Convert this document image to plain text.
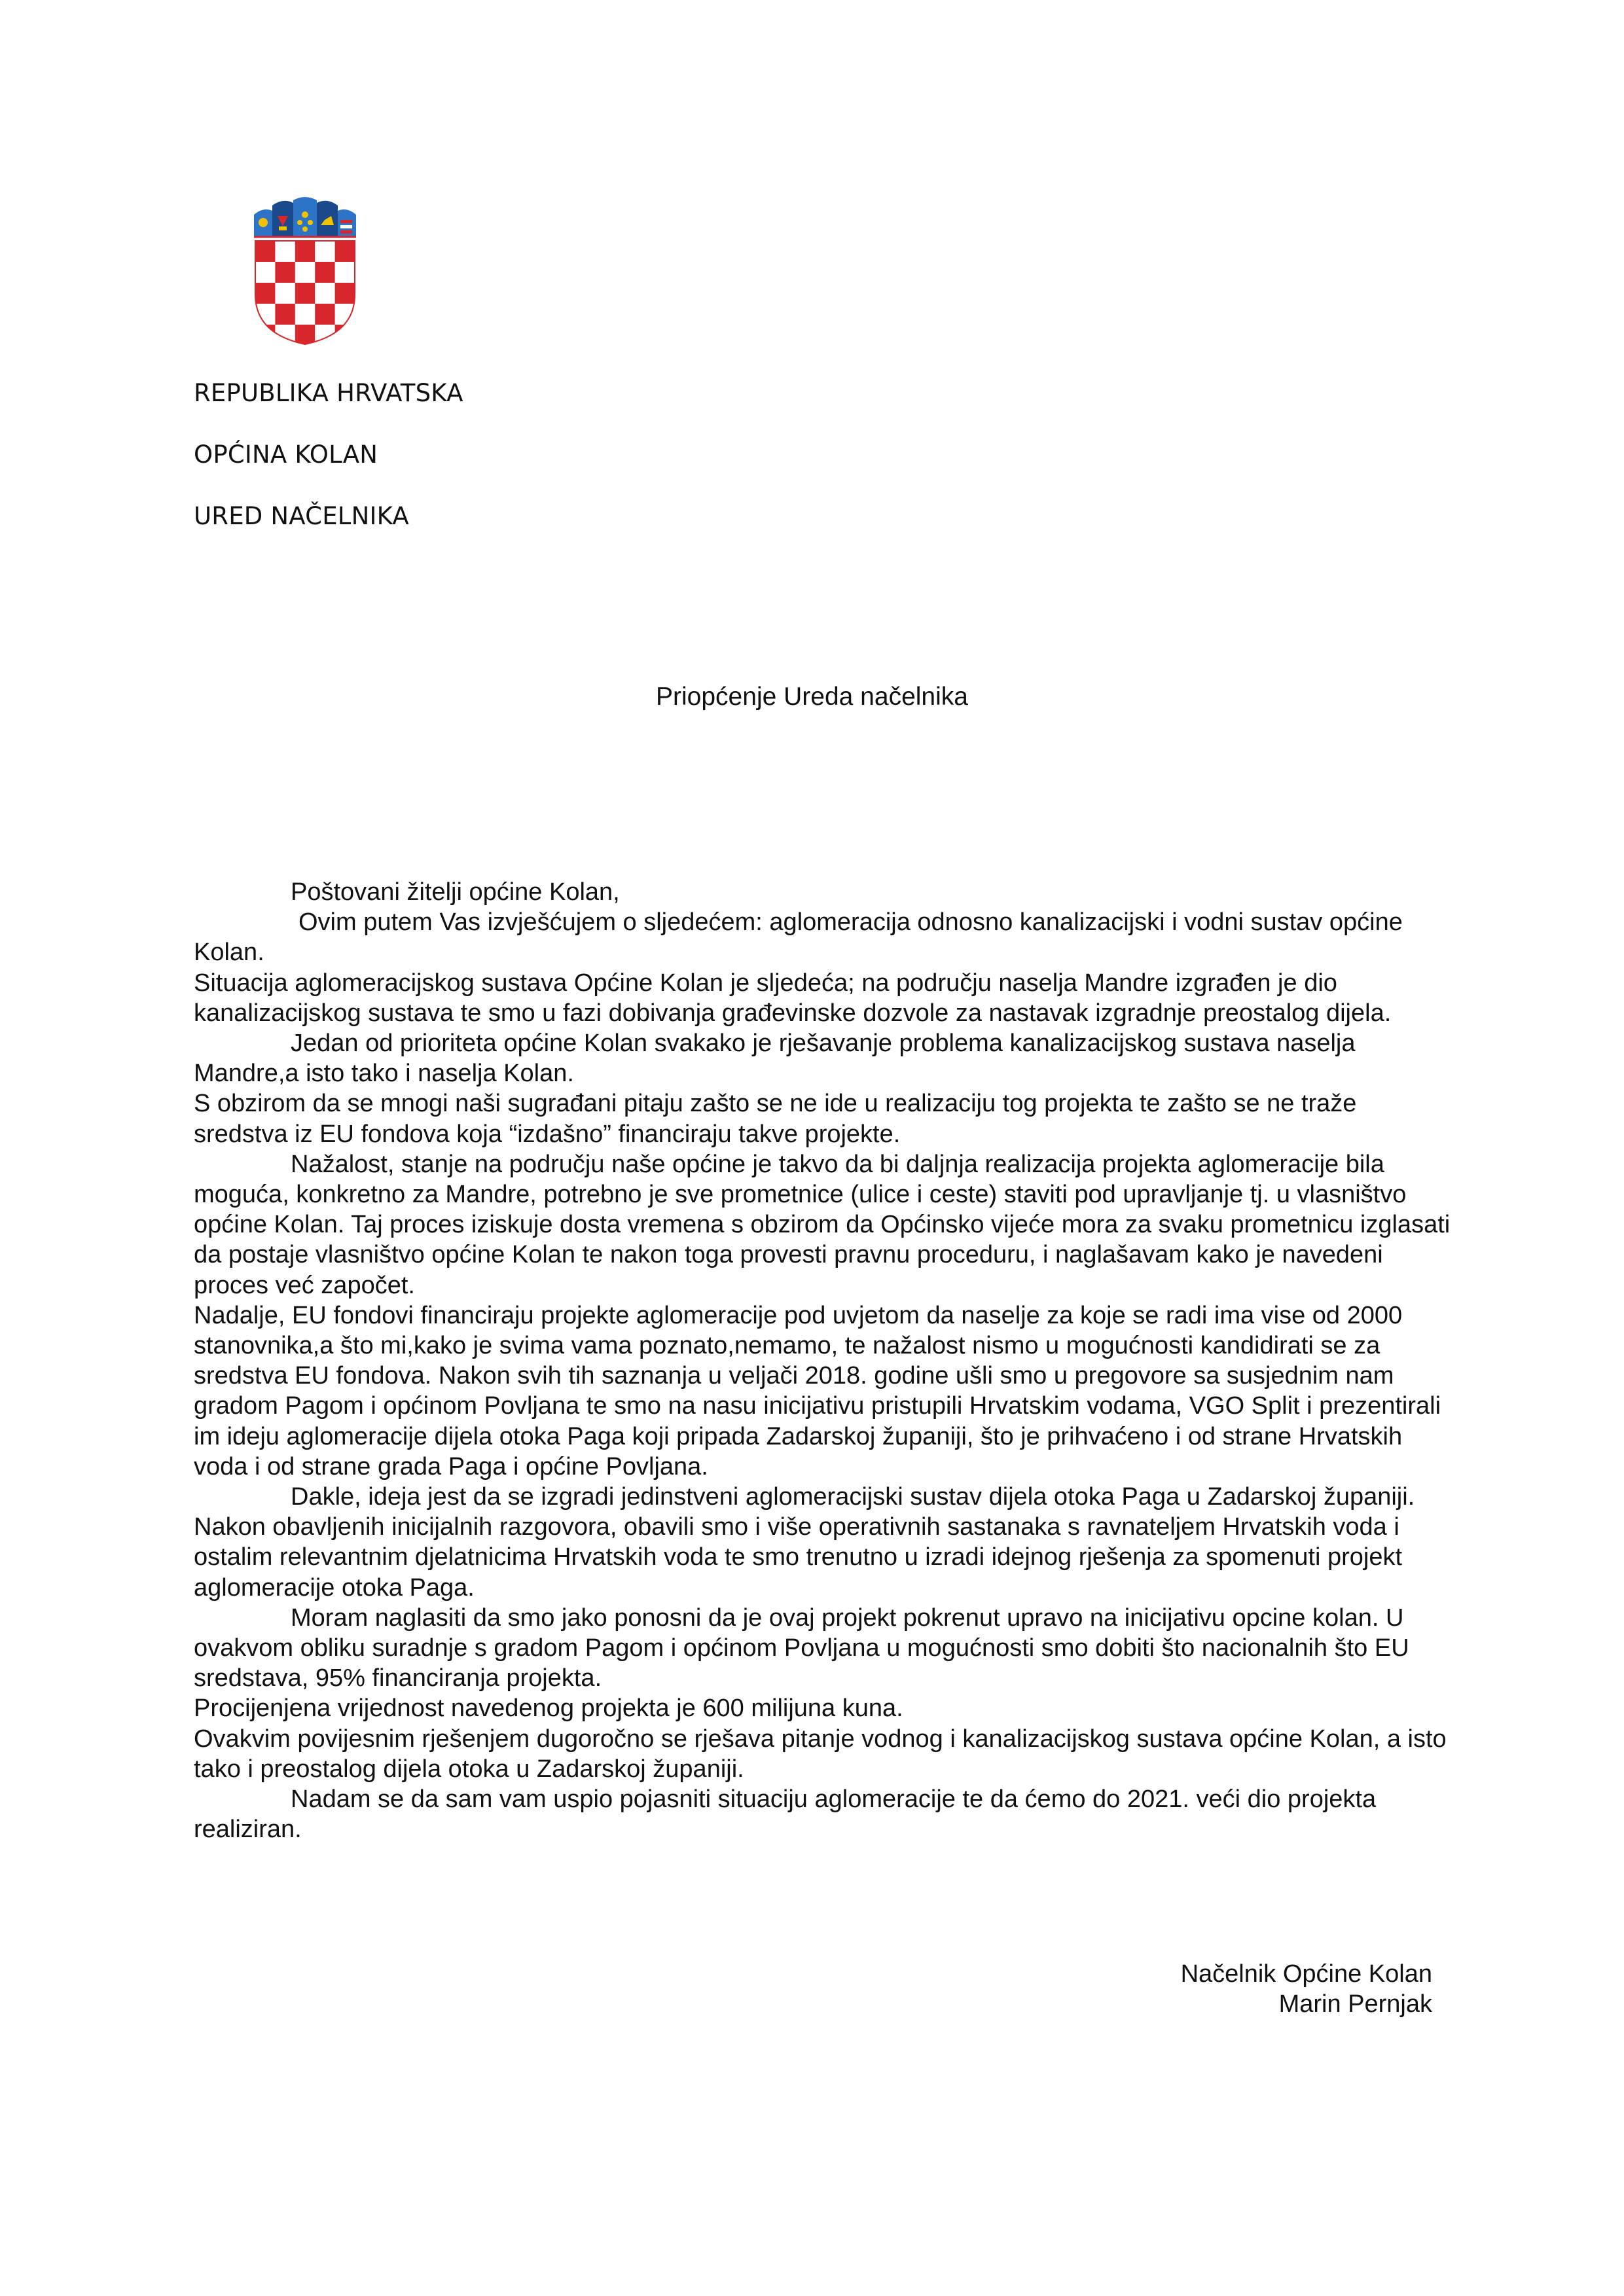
REPUBLIKA HRVATSKA
OPĆINA KOLAN
URED NAČELNIKA
Priopćenje Ureda načelnika

Poštovani žitelji općine Kolan,

Ovim putem Vas izvješćujem o sljedećem: aglomeracija odnosno kanalizacijski i vodni sustav općine Kolan.

Situacija aglomeracijskog sustava Općine Kolan je sljedeća; na području naselja Mandre izgrađen je dio kanalizacijskog sustava te smo u fazi dobivanja građevinske dozvole za nastavak izgradnje preostalog dijela.

Jedan od prioriteta općine Kolan svakako je rješavanje problema kanalizacijskog sustava naselja Mandre,a isto tako i naselja Kolan.

S obzirom da se mnogi naši sugrađani pitaju zašto se ne ide u realizaciju tog projekta te zašto se ne traže sredstva iz EU fondova koja “izdašno” financiraju takve projekte.

Nažalost, stanje na području naše općine je takvo da bi daljnja realizacija projekta aglomeracije bila moguća, konkretno za Mandre, potrebno je sve prometnice (ulice i ceste) staviti pod upravljanje tj. u vlasništvo općine Kolan. Taj proces iziskuje dosta vremena s obzirom da Općinsko vijeće mora za svaku prometnicu izglasati da postaje vlasništvo općine Kolan te nakon toga provesti pravnu proceduru, i naglašavam kako je navedeni proces već započet.

Nadalje, EU fondovi financiraju projekte aglomeracije pod uvjetom da naselje za koje se radi ima vise od 2000 stanovnika,a što mi,kako je svima vama poznato,nemamo, te nažalost nismo u mogućnosti kandidirati se za sredstva EU fondova. Nakon svih tih saznanja u veljači 2018. godine ušli smo u pregovore sa susjednim nam gradom Pagom i općinom Povljana te smo na nasu inicijativu pristupili Hrvatskim vodama, VGO Split i prezentirali im ideju aglomeracije dijela otoka Paga koji pripada Zadarskoj županiji, što je prihvaćeno i od strane Hrvatskih voda i od strane grada Paga i općine Povljana.

Dakle, ideja jest da se izgradi jedinstveni aglomeracijski sustav dijela otoka Paga u Zadarskoj županiji. Nakon obavljenih inicijalnih razgovora, obavili smo i više operativnih sastanaka s ravnateljem Hrvatskih voda i ostalim relevantnim djelatnicima Hrvatskih voda te smo trenutno u izradi idejnog rješenja za spomenuti projekt aglomeracije otoka Paga.

Moram naglasiti da smo jako ponosni da je ovaj projekt pokrenut upravo na inicijativu opcine kolan. U ovakvom obliku suradnje s gradom Pagom i općinom Povljana u mogućnosti smo dobiti što nacionalnih što EU sredstava, 95% financiranja projekta.

Procijenjena vrijednost navedenog projekta je 600 milijuna kuna.

Ovakvim povijesnim rješenjem dugoročno se rješava pitanje vodnog i kanalizacijskog sustava općine Kolan, a isto tako i preostalog dijela otoka u Zadarskoj županiji.

Nadam se da sam vam uspio pojasniti situaciju aglomeracije te da ćemo do 2021. veći dio projekta realiziran.

Načelnik Općine Kolan
Marin Pernjak
